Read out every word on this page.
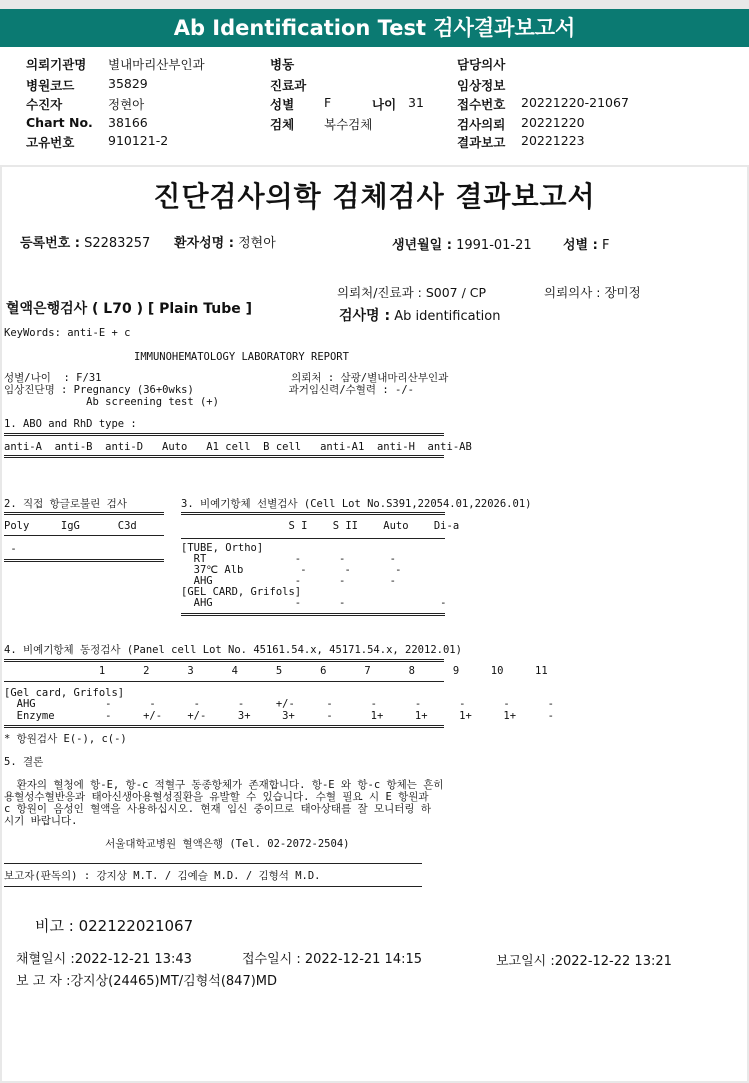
Ab Identification Test 검사결과보고서
의뢰기관명 별내마리산부인과
병원코드	35829
수진자	정현아
Chart No. 38166
고유번호	910121-2
병동
진료과
성별 F	나이 31
검체 복수검체
담당의사
임상정보
접수번호 20221220-21067
검사의뢰 20221220
결과보고 20221223
진단검사의학 검체검사 결과보고서
등록번호 : S2283257 환자성명 : 정현아	생년월일 : 1991-01-21 성별 : F
의뢰처/진료과 : S007 / CP	의뢰의사 : 장미정
혈액은행검사 ( L70 ) [ Plain Tube ]	검사명 : Ab identification
KeyWords: anti-E + c
IMMUNOHEMATOLOGY LABORATORY REPORT
성별/나이  : F/31                              의뢰처 : 삼광/별내마리산부인과
임상진단명 : Pregnancy (36+0wks)               과거임신력/수혈력 : -/-
Ab screening test (+)
1. ABO and RhD type :
anti-A  anti-B  anti-D   Auto   A1 cell  B cell   anti-A1  anti-H  anti-AB
2. 직접 항글로불린 검사
Poly     IgG      C3d
-
3. 비예기항체 선별검사 (Cell Lot No.S391,22054.01,22026.01)
S I    S II    Auto    Di-a
[TUBE, Ortho]
RT              -      -       -
37℃ Alb         -      -       -
AHG             -      -       -
[GEL CARD, Grifols]
AHG             -      -               -
4. 비예기항체 동정검사 (Panel cell Lot No. 45161.54.x, 45171.54.x, 22012.01)
1      2      3      4      5      6      7      8      9     10     11
[Gel card, Grifols]
AHG           -      -      -      -     +/-     -      -      -      -      -      -
Enzyme        -     +/-    +/-     3+     3+     -      1+     1+     1+     1+     -
* 항원검사 E(-), c(-)
5. 결론
환자의 혈청에 항-E, 항-c 적혈구 동종항체가 존재합니다. 항-E 와 항-c 항체는 흔히
용혈성수혈반응과 태아신생아용혈성질환을 유발할 수 있습니다. 수혈 필요 시 E 항원과
c 항원이 음성인 혈액을 사용하십시오. 현재 임신 중이므로 태아상태를 잘 모니터링 하
시기 바랍니다.
서울대학교병원 혈액은행 (Tel. 02-2072-2504)
보고자(판독의) : 강지상 M.T. / 김예슬 M.D. / 김형석 M.D.
비고 : 022122021067
채혈일시 :2022-12-21 13:43	접수일시 : 2022-12-21 14:15	보고일시 :2022-12-22 13:21
보 고 자 :강지상(24465)MT/김형석(847)MD
